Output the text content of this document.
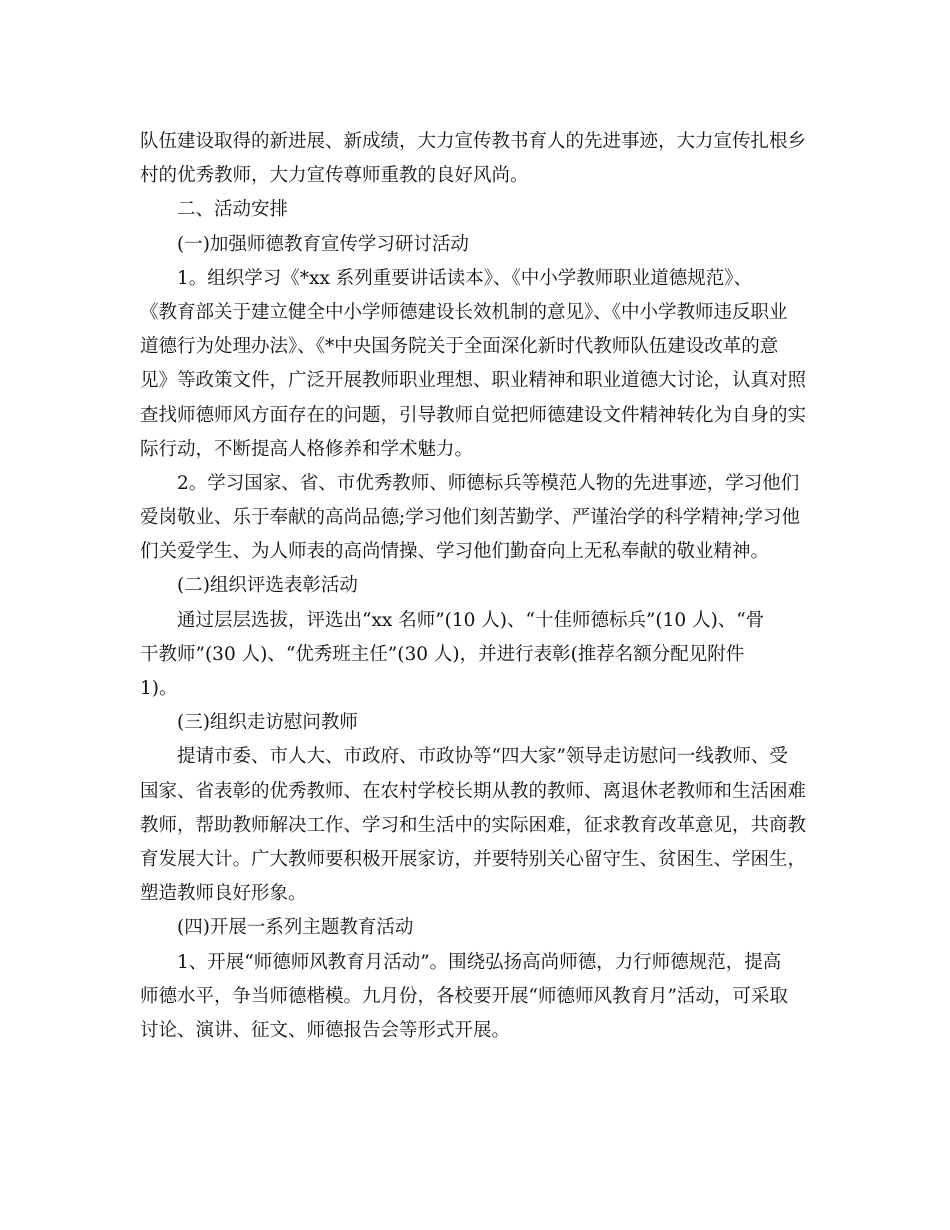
队伍建设取得的新进展、新成绩，大力宣传教书育人的先进事迹，大力宣传扎根乡
村的优秀教师，大力宣传尊师重教的良好风尚。
二、活动安排
(一)加强师德教育宣传学习研讨活动
1。组织学习《*xx 系列重要讲话读本》、《中小学教师职业道德规范》、
《教育部关于建立健全中小学师德建设长效机制的意见》、《中小学教师违反职业
道德行为处理办法》、《*中央国务院关于全面深化新时代教师队伍建设改革的意
见》等政策文件，广泛开展教师职业理想、职业精神和职业道德大讨论，认真对照
查找师德师风方面存在的问题，引导教师自觉把师德建设文件精神转化为自身的实
际行动，不断提高人格修养和学术魅力。
2。学习国家、省、市优秀教师、师德标兵等模范人物的先进事迹，学习他们
爱岗敬业、乐于奉献的高尚品德;学习他们刻苦勤学、严谨治学的科学精神;学习他
们关爱学生、为人师表的高尚情操、学习他们勤奋向上无私奉献的敬业精神。
(二)组织评选表彰活动
通过层层选拔，评选出“xx 名师”(10 人)、“十佳师德标兵”(10 人)、“骨
干教师”(30 人)、“优秀班主任”(30 人)，并进行表彰(推荐名额分配见附件
1)。
(三)组织走访慰问教师
提请市委、市人大、市政府、市政协等“四大家”领导走访慰问一线教师、受
国家、省表彰的优秀教师、在农村学校长期从教的教师、离退休老教师和生活困难
教师，帮助教师解决工作、学习和生活中的实际困难，征求教育改革意见，共商教
育发展大计。广大教师要积极开展家访，并要特别关心留守生、贫困生、学困生，
塑造教师良好形象。
(四)开展一系列主题教育活动
1、开展“师德师风教育月活动”。围绕弘扬高尚师德，力行师德规范，提高
师德水平，争当师德楷模。九月份，各校要开展“师德师风教育月”活动，可采取
讨论、演讲、征文、师德报告会等形式开展。
